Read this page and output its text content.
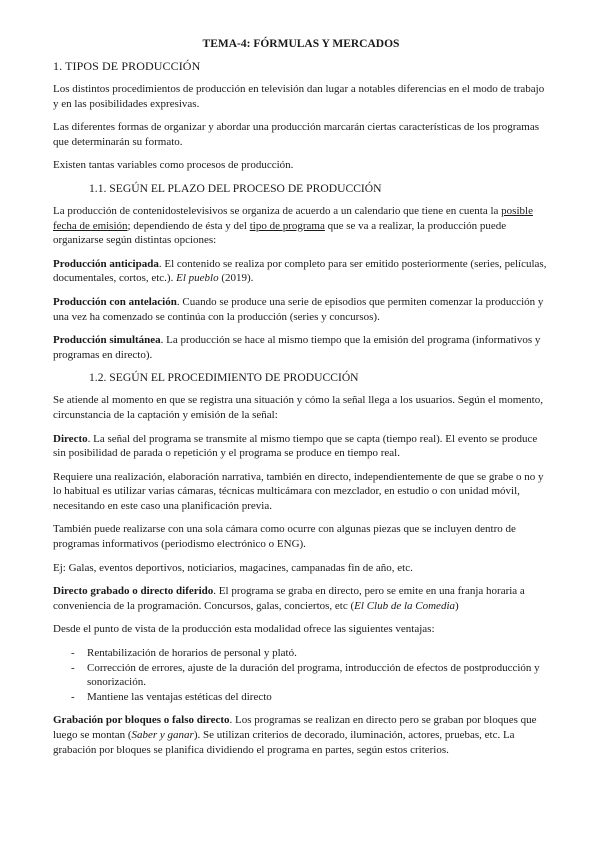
TEMA-4: FÓRMULAS Y MERCADOS
1. TIPOS DE PRODUCCIÓN

Los distintos procedimientos de producción en televisión dan lugar a notables diferencias en el modo de trabajo y en las posibilidades expresivas.

Las diferentes formas de organizar y abordar una producción marcarán ciertas características de los programas que determinarán su formato.

Existen tantas variables como procesos de producción.

1.1. SEGÚN EL PLAZO DEL PROCESO DE PRODUCCIÓN

La producción de contenidostelevisivos se organiza de acuerdo a un calendario que tiene en cuenta la posible fecha de emisión; dependiendo de ésta y del tipo de programa que se va a realizar, la producción puede organizarse según distintas opciones:

Producción anticipada. El contenido se realiza por completo para ser emitido posteriormente (series, películas, documentales, cortos, etc.). El pueblo (2019).

Producción con antelación. Cuando se produce una serie de episodios que permiten comenzar la producción y una vez ha comenzado se continúa con la producción (series y concursos).

Producción simultánea. La producción se hace al mismo tiempo que la emisión del programa (informativos y programas en directo).

1.2. SEGÚN EL PROCEDIMIENTO DE PRODUCCIÓN

Se atiende al momento en que se registra una situación y cómo la señal llega a los usuarios. Según el momento, circunstancia de la captación y emisión de la señal:

Directo. La señal del programa se transmite al mismo tiempo que se capta (tiempo real). El evento se produce sin posibilidad de parada o repetición y el programa se produce en tiempo real.

Requiere una realización, elaboración narrativa, también en directo, independientemente de que se grabe o no y lo habitual es utilizar varias cámaras, técnicas multicámara con mezclador, en estudio o con unidad móvil, necesitando en este caso una planificación previa.

También puede realizarse con una sola cámara como ocurre con algunas piezas que se incluyen dentro de programas informativos (periodismo electrónico o ENG).

Ej: Galas, eventos deportivos, noticiarios, magacines, campanadas fin de año, etc.

Directo grabado o directo diferido. El programa se graba en directo, pero se emite en una franja horaria a conveniencia de la programación. Concursos, galas, conciertos, etc (El Club de la Comedia)

Desde el punto de vista de la producción esta modalidad ofrece las siguientes ventajas:

- Rentabilización de horarios de personal y plató.
- Corrección de errores, ajuste de la duración del programa, introducción de efectos de postproducción y sonorización.
- Mantiene las ventajas estéticas del directo

Grabación por bloques o falso directo. Los programas se realizan en directo pero se graban por bloques que luego se montan (Saber y ganar). Se utilizan criterios de decorado, iluminación, actores, pruebas, etc. La grabación por bloques se planifica dividiendo el programa en partes, según estos criterios.
